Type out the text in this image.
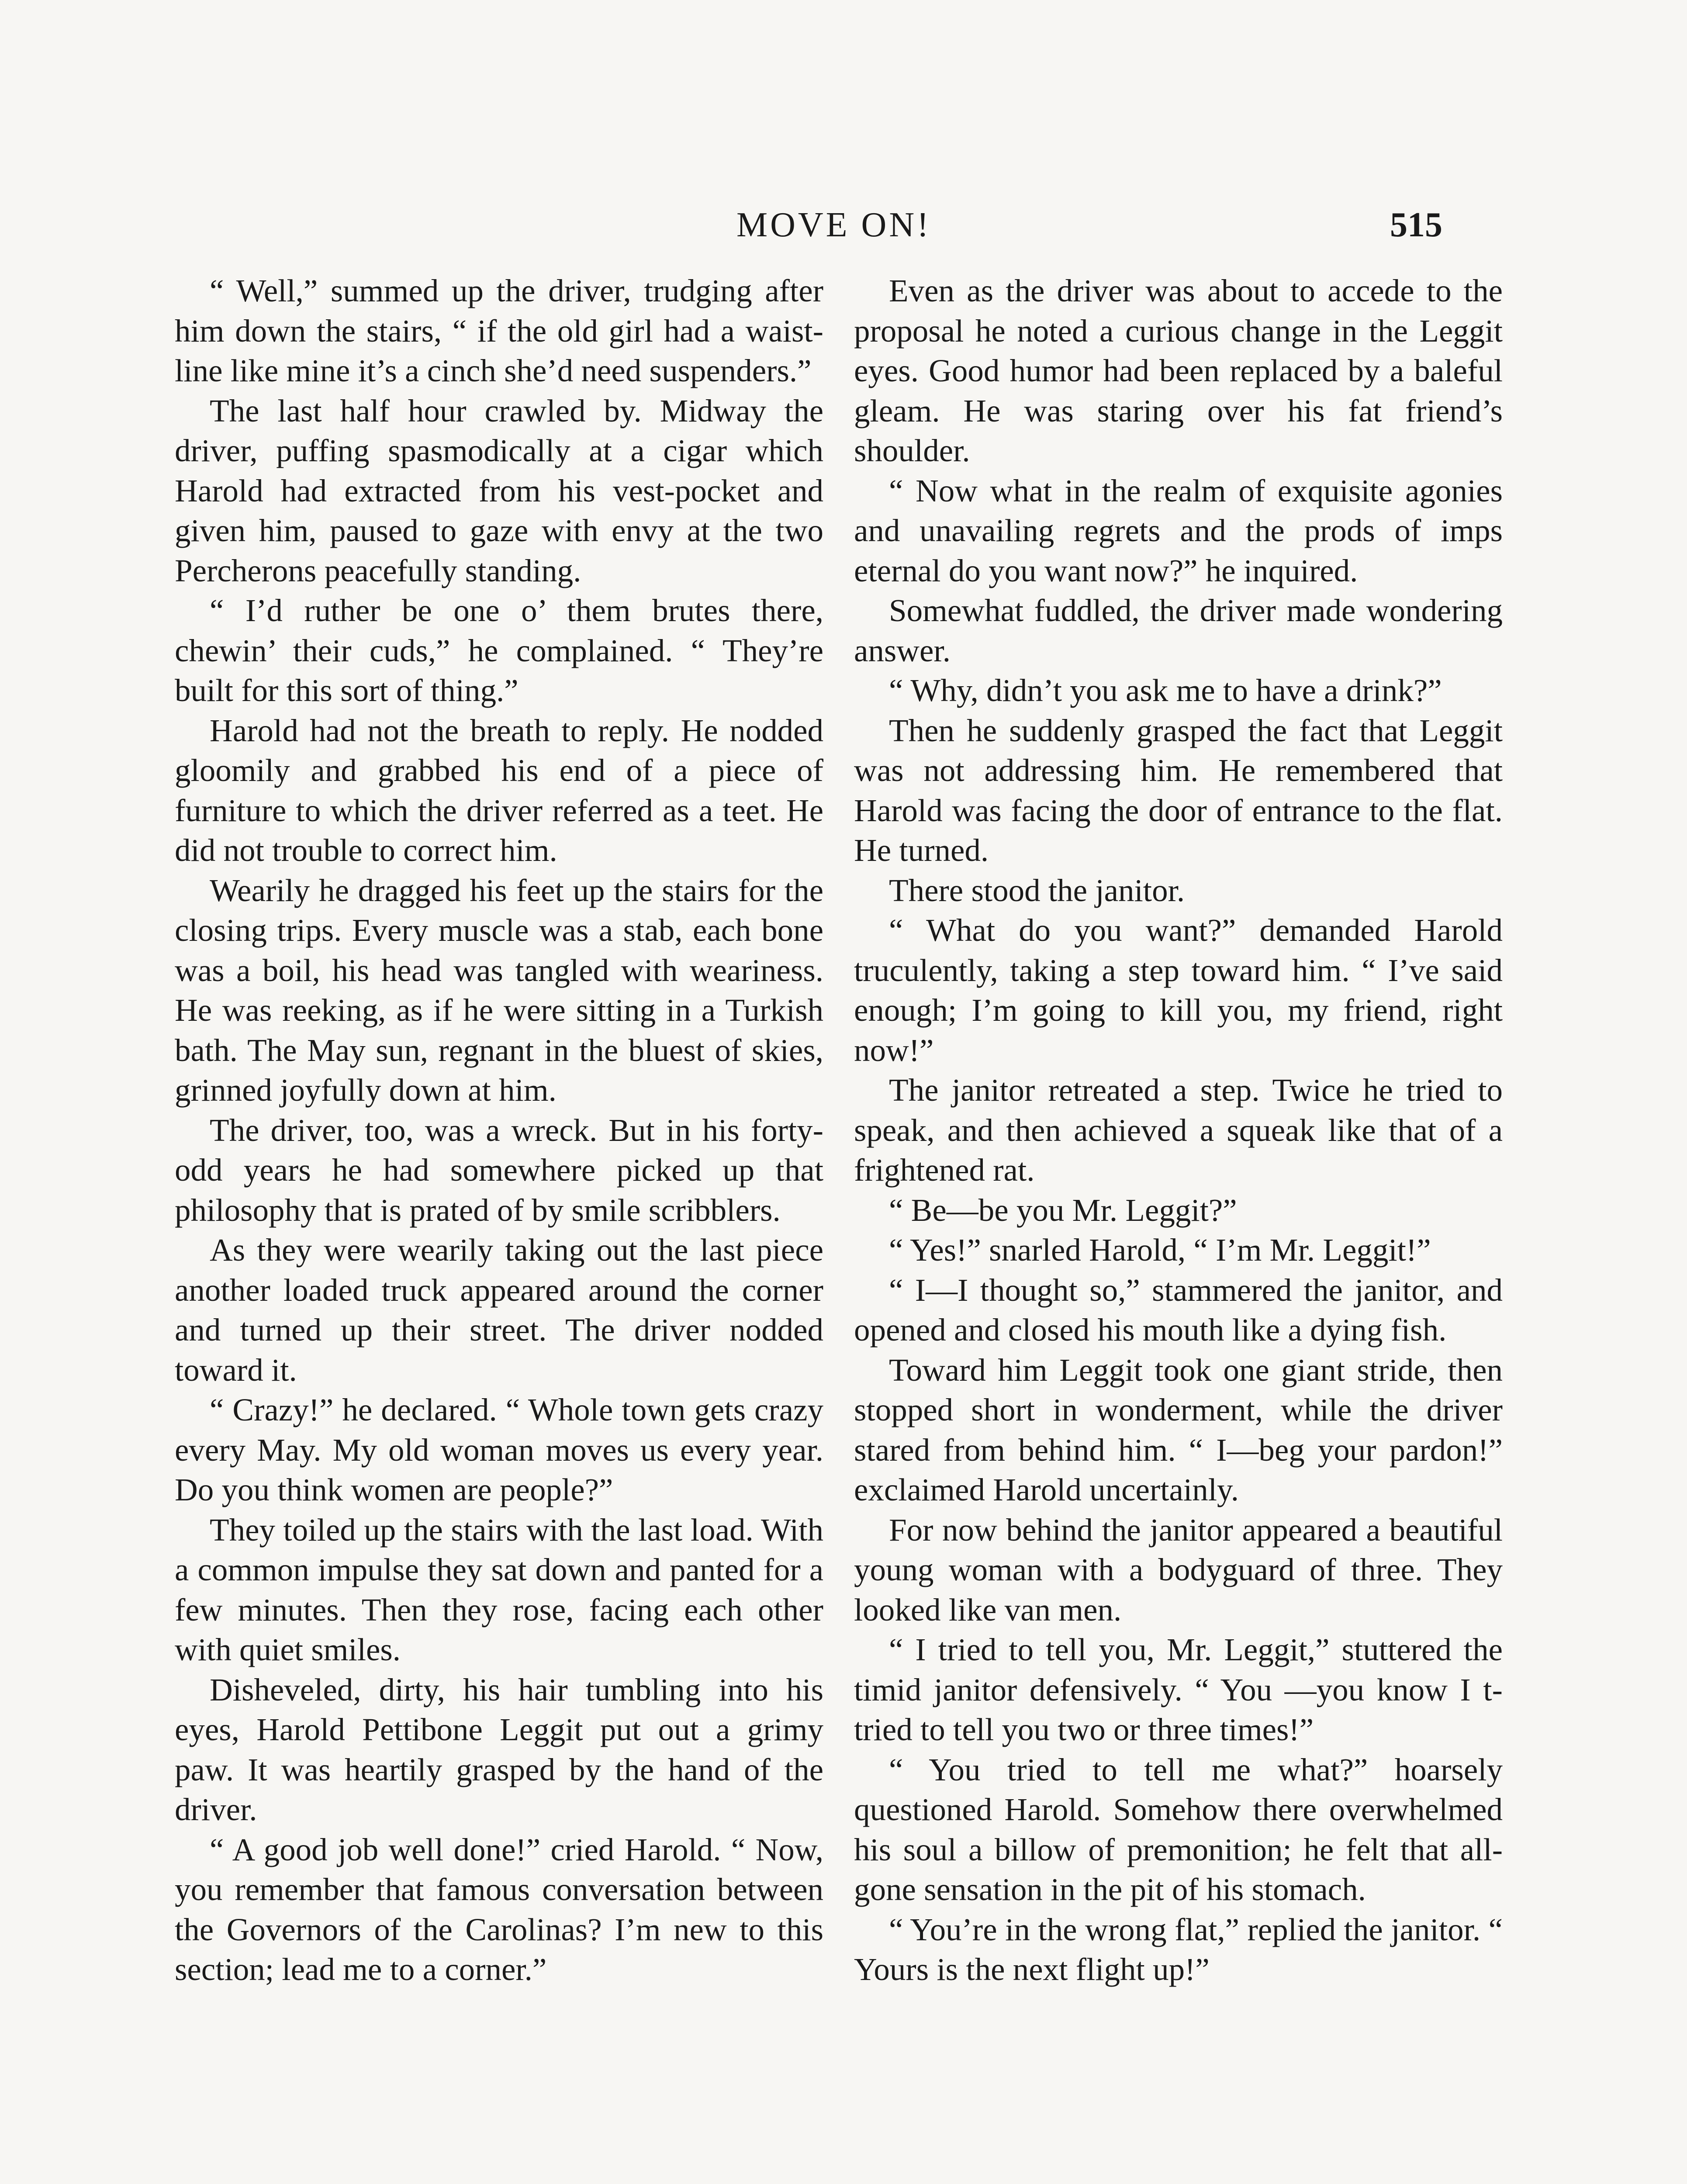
MOVE ON!	515

“ Well,” summed up the driver, trudging after him down the stairs, “ if the old girl had a waist-line like mine it’s a cinch she’d need suspenders.”

The last half hour crawled by. Midway the driver, puffing spasmodically at a cigar which Harold had extracted from his vest-pocket and given him, paused to gaze with envy at the two Percherons peacefully standing.

“ I’d ruther be one o’ them brutes there, chewin’ their cuds,” he complained. “ They’re built for this sort of thing.”

Harold had not the breath to reply. He nodded gloomily and grabbed his end of a piece of furniture to which the driver referred as a teet. He did not trouble to correct him.

Wearily he dragged his feet up the stairs for the closing trips. Every muscle was a stab, each bone was a boil, his head was tangled with weariness. He was reeking, as if he were sitting in a Turkish bath. The May sun, regnant in the bluest of skies, grinned joyfully down at him.

The driver, too, was a wreck. But in his forty-odd years he had somewhere picked up that philosophy that is prated of by smile scribblers.

As they were wearily taking out the last piece another loaded truck appeared around the corner and turned up their street. The driver nodded toward it.

“ Crazy!” he declared. “ Whole town gets crazy every May. My old woman moves us every year. Do you think women are people?”

They toiled up the stairs with the last load. With a common impulse they sat down and panted for a few minutes. Then they rose, facing each other with quiet smiles.

Disheveled, dirty, his hair tumbling into his eyes, Harold Pettibone Leggit put out a grimy paw. It was heartily grasped by the hand of the driver.

“ A good job well done!” cried Harold. “ Now, you remember that famous conversation between the Governors of the Carolinas? I’m new to this section; lead me to a corner.”

Even as the driver was about to accede to the proposal he noted a curious change in the Leggit eyes. Good humor had been replaced by a baleful gleam. He was staring over his fat friend’s shoulder.

“ Now what in the realm of exquisite agonies and unavailing regrets and the prods of imps eternal do you want now?” he inquired.

Somewhat fuddled, the driver made wondering answer.

“ Why, didn’t you ask me to have a drink?”

Then he suddenly grasped the fact that Leggit was not addressing him. He remembered that Harold was facing the door of entrance to the flat. He turned.

There stood the janitor.

“ What do you want?” demanded Harold truculently, taking a step toward him. “ I’ve said enough; I’m going to kill you, my friend, right now!”

The janitor retreated a step. Twice he tried to speak, and then achieved a squeak like that of a frightened rat.

“ Be—be you Mr. Leggit?”

“ Yes!” snarled Harold, “ I’m Mr. Leggit!”

“ I—I thought so,” stammered the janitor, and opened and closed his mouth like a dying fish.

Toward him Leggit took one giant stride, then stopped short in wonderment, while the driver stared from behind him. “ I—beg your pardon!” exclaimed Harold uncertainly.

For now behind the janitor appeared a beautiful young woman with a bodyguard of three. They looked like van men.

“ I tried to tell you, Mr. Leggit,” stuttered the timid janitor defensively. “ You —you know I t-tried to tell you two or three times!”

“ You tried to tell me what?” hoarsely questioned Harold. Somehow there overwhelmed his soul a billow of premonition; he felt that all-gone sensation in the pit of his stomach.

“ You’re in the wrong flat,” replied the janitor. “ Yours is the next flight up!”
